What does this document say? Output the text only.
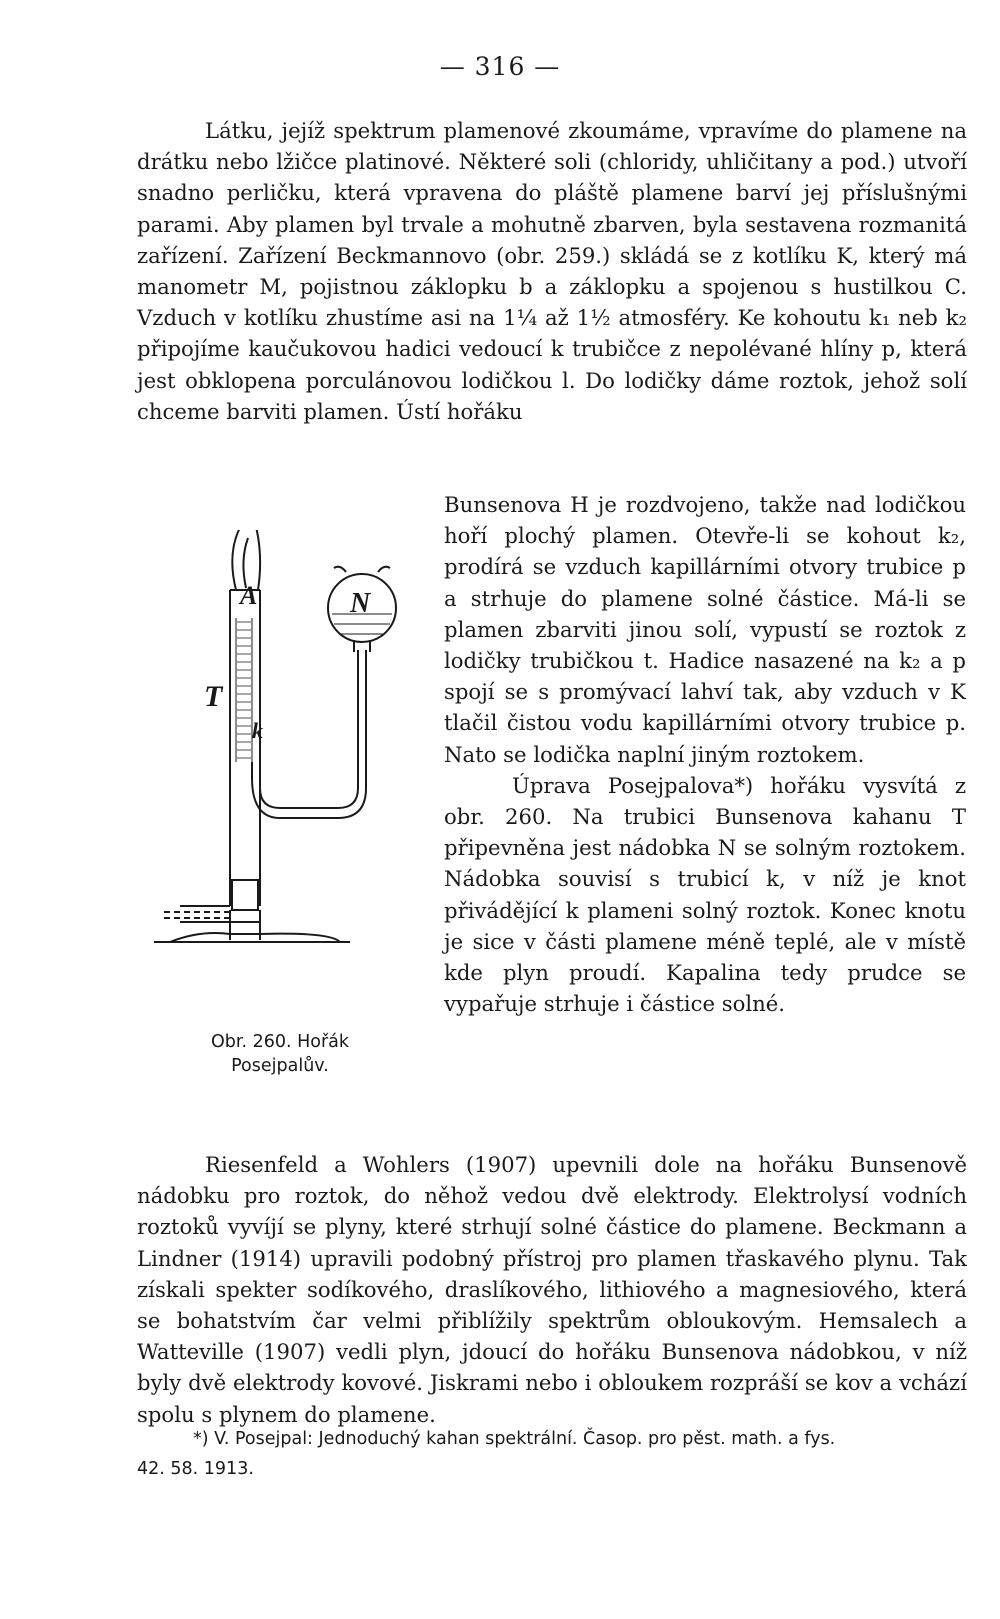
— 316 —

Látku, jejíž spektrum plamenové zkoumáme, vpravíme do plamene na drátku nebo lžičce platinové. Některé soli (chloridy, uhličitany a pod.) utvoří snadno perličku, která vpravena do pláště plamene barví jej příslušnými parami. Aby plamen byl trvale a mohutně zbarven, byla sestavena rozmanitá zařízení. Zařízení Beckmannovo (obr. 259.) skládá se z kotlíku K, který má manometr M, pojistnou záklopku b a záklopku a spojenou s hustilkou C. Vzduch v kotlíku zhustíme asi na 1¼ až 1½ atmosféry. Ke kohoutu k₁ neb k₂ připojíme kaučukovou hadici vedoucí k trubičce z nepolévané hlíny p, která jest obklopena porculánovou lodičkou l. Do lodičky dáme roztok, jehož solí chceme barviti plamen. Ústí hořáku

Bunsenova H je rozdvojeno, takže nad lodičkou hoří plochý plamen. Otevře-li se kohout k₂, prodírá se vzduch kapillárními otvory trubice p a strhuje do plamene solné částice. Má-li se plamen zbarviti jinou solí, vypustí se roztok z lodičky trubičkou t. Hadice nasazené na k₂ a p spojí se s promývací lahví tak, aby vzduch v K tlačil čistou vodu kapillárními otvory trubice p. Nato se lodička naplní jiným roztokem.

Úprava Posejpalova*) hořáku vysvítá z obr. 260. Na trubici Bunsenova kahanu T připevněna jest nádobka N se solným roztokem. Nádobka souvisí s trubicí k, v níž je knot přivádějící k plameni solný roztok. Konec knotu je sice v části plamene méně teplé, ale v místě kde plyn proudí. Kapalina tedy prudce se vypařuje strhuje i částice solné.

A	N
T
k
Obr. 260. Hořák
Posejpalův.

Riesenfeld a Wohlers (1907) upevnili dole na hořáku Bunsenově nádobku pro roztok, do něhož vedou dvě elektrody. Elektrolysí vodních roztoků vyvíjí se plyny, které strhují solné částice do plamene. Beckmann a Lindner (1914) upravili podobný přístroj pro plamen třaskavého plynu. Tak získali spekter sodíkového, draslíkového, lithiového a magnesiového, která se bohatstvím čar velmi přiblížily spektrům obloukovým. Hemsalech a Watteville (1907) vedli plyn, jdoucí do hořáku Bunsenova nádobkou, v níž byly dvě elektrody kovové. Jiskrami nebo i obloukem rozpráší se kov a vchází spolu s plynem do plamene.

*) V. Posejpal: Jednoduchý kahan spektrální. Časop. pro pěst. math. a fys.
42. 58. 1913.
